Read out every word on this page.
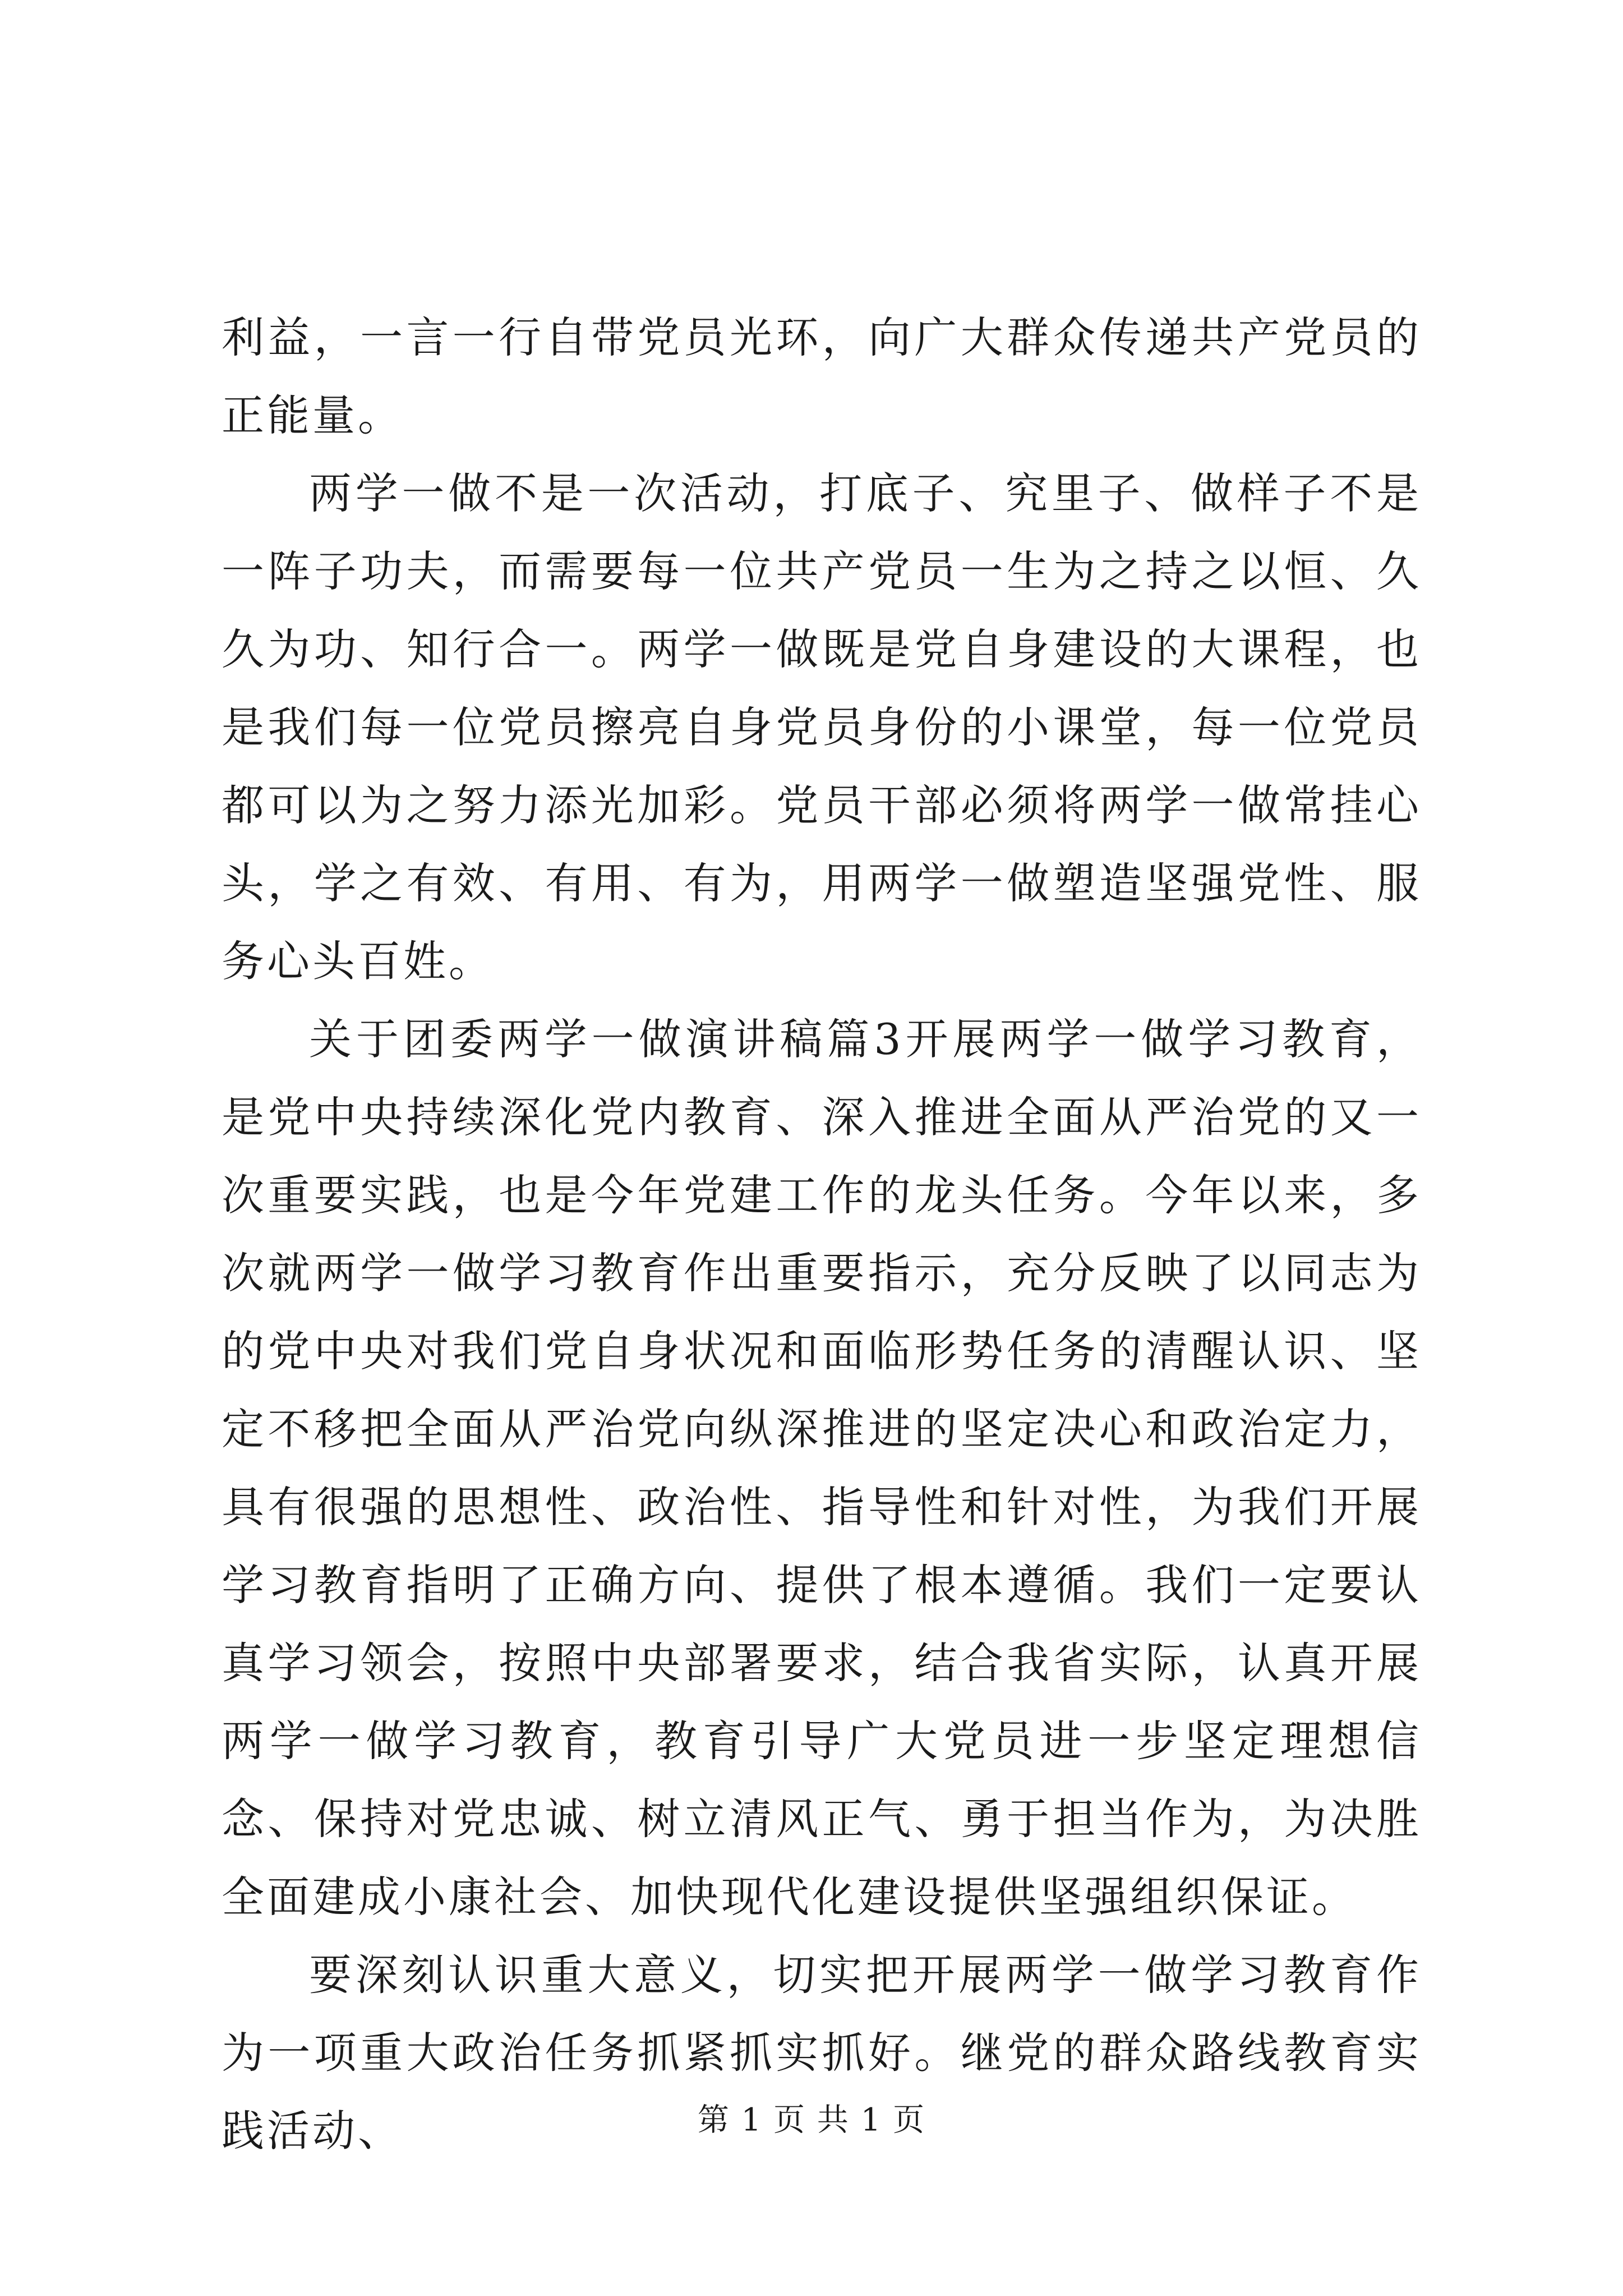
利益，一言一行自带党员光环，向广大群众传递共产党员的正能量。

两学一做不是一次活动，打底子、究里子、做样子不是一阵子功夫，而需要每一位共产党员一生为之持之以恒、久久为功、知行合一。两学一做既是党自身建设的大课程，也是我们每一位党员擦亮自身党员身份的小课堂，每一位党员都可以为之努力添光加彩。党员干部必须将两学一做常挂心头，学之有效、有用、有为，用两学一做塑造坚强党性、服务心头百姓。

关于团委两学一做演讲稿篇3开展两学一做学习教育，是党中央持续深化党内教育、深入推进全面从严治党的又一次重要实践，也是今年党建工作的龙头任务。今年以来，多次就两学一做学习教育作出重要指示，充分反映了以同志为的党中央对我们党自身状况和面临形势任务的清醒认识、坚定不移把全面从严治党向纵深推进的坚定决心和政治定力，具有很强的思想性、政治性、指导性和针对性，为我们开展学习教育指明了正确方向、提供了根本遵循。我们一定要认真学习领会，按照中央部署要求，结合我省实际，认真开展两学一做学习教育，教育引导广大党员进一步坚定理想信念、保持对党忠诚、树立清风正气、勇于担当作为，为决胜全面建成小康社会、加快现代化建设提供坚强组织保证。

要深刻认识重大意义，切实把开展两学一做学习教育作为一项重大政治任务抓紧抓实抓好。继党的群众路线教育实践活动、	第 1 页 共 1 页
